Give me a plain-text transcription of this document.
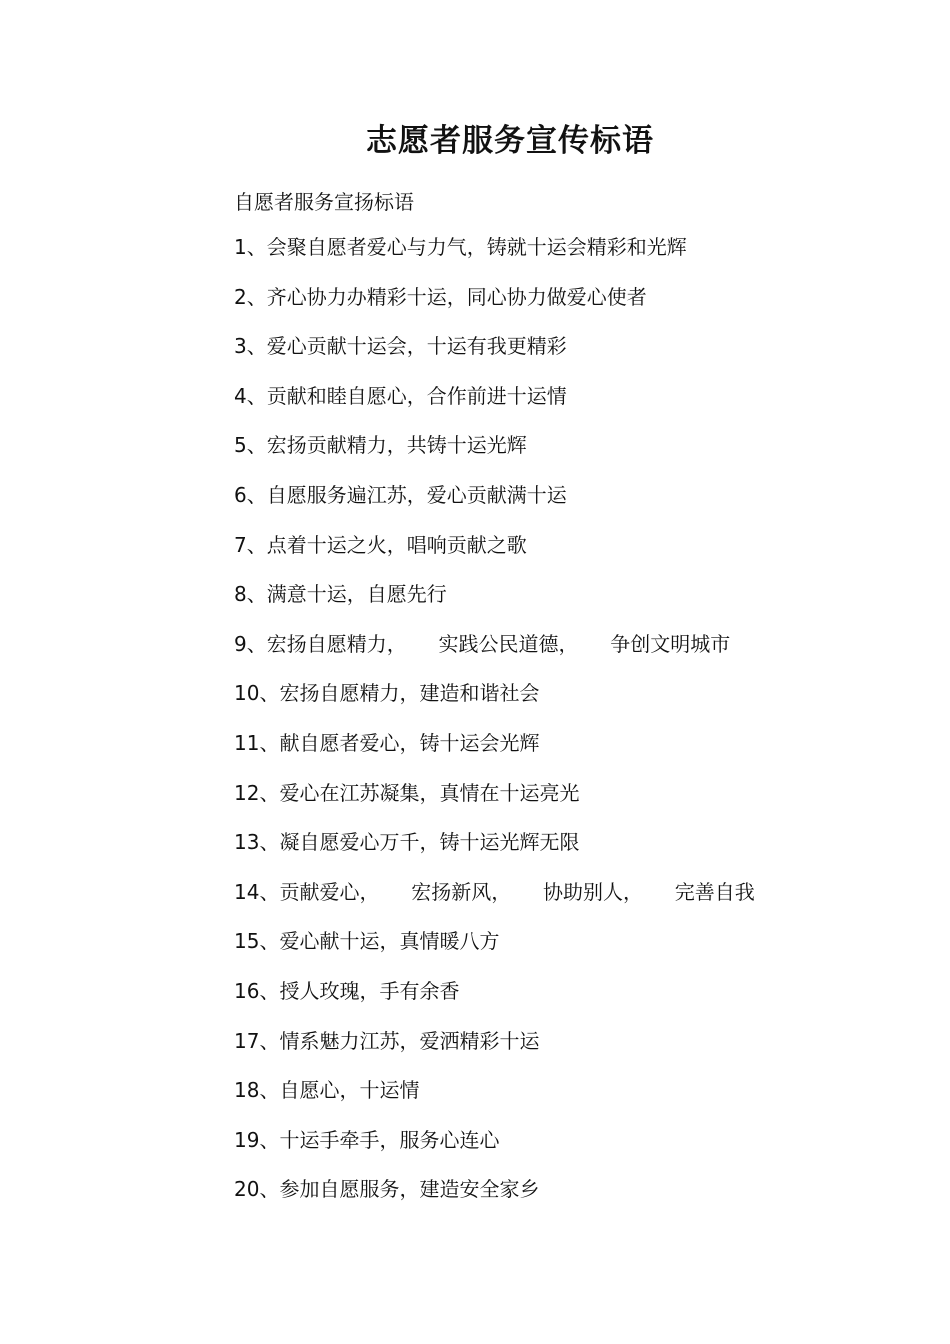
志愿者服务宣传标语

自愿者服务宣扬标语

1、会聚自愿者爱心与力气，铸就十运会精彩和光辉
2、齐心协力办精彩十运，同心协力做爱心使者
3、爱心贡献十运会，十运有我更精彩
4、贡献和睦自愿心，合作前进十运情
5、宏扬贡献精力，共铸十运光辉
6、自愿服务遍江苏，爱心贡献满十运
7、点着十运之火，唱响贡献之歌
8、满意十运，自愿先行
9、宏扬自愿精力，     实践公民道德，     争创文明城市
10、宏扬自愿精力，建造和谐社会
11、献自愿者爱心，铸十运会光辉
12、爱心在江苏凝集，真情在十运亮光
13、凝自愿爱心万千，铸十运光辉无限
14、贡献爱心，     宏扬新风，     协助别人，     完善自我
15、爱心献十运，真情暖八方
16、授人玫瑰，手有余香
17、情系魅力江苏，爱洒精彩十运
18、自愿心，十运情
19、十运手牵手，服务心连心
20、参加自愿服务，建造安全家乡
